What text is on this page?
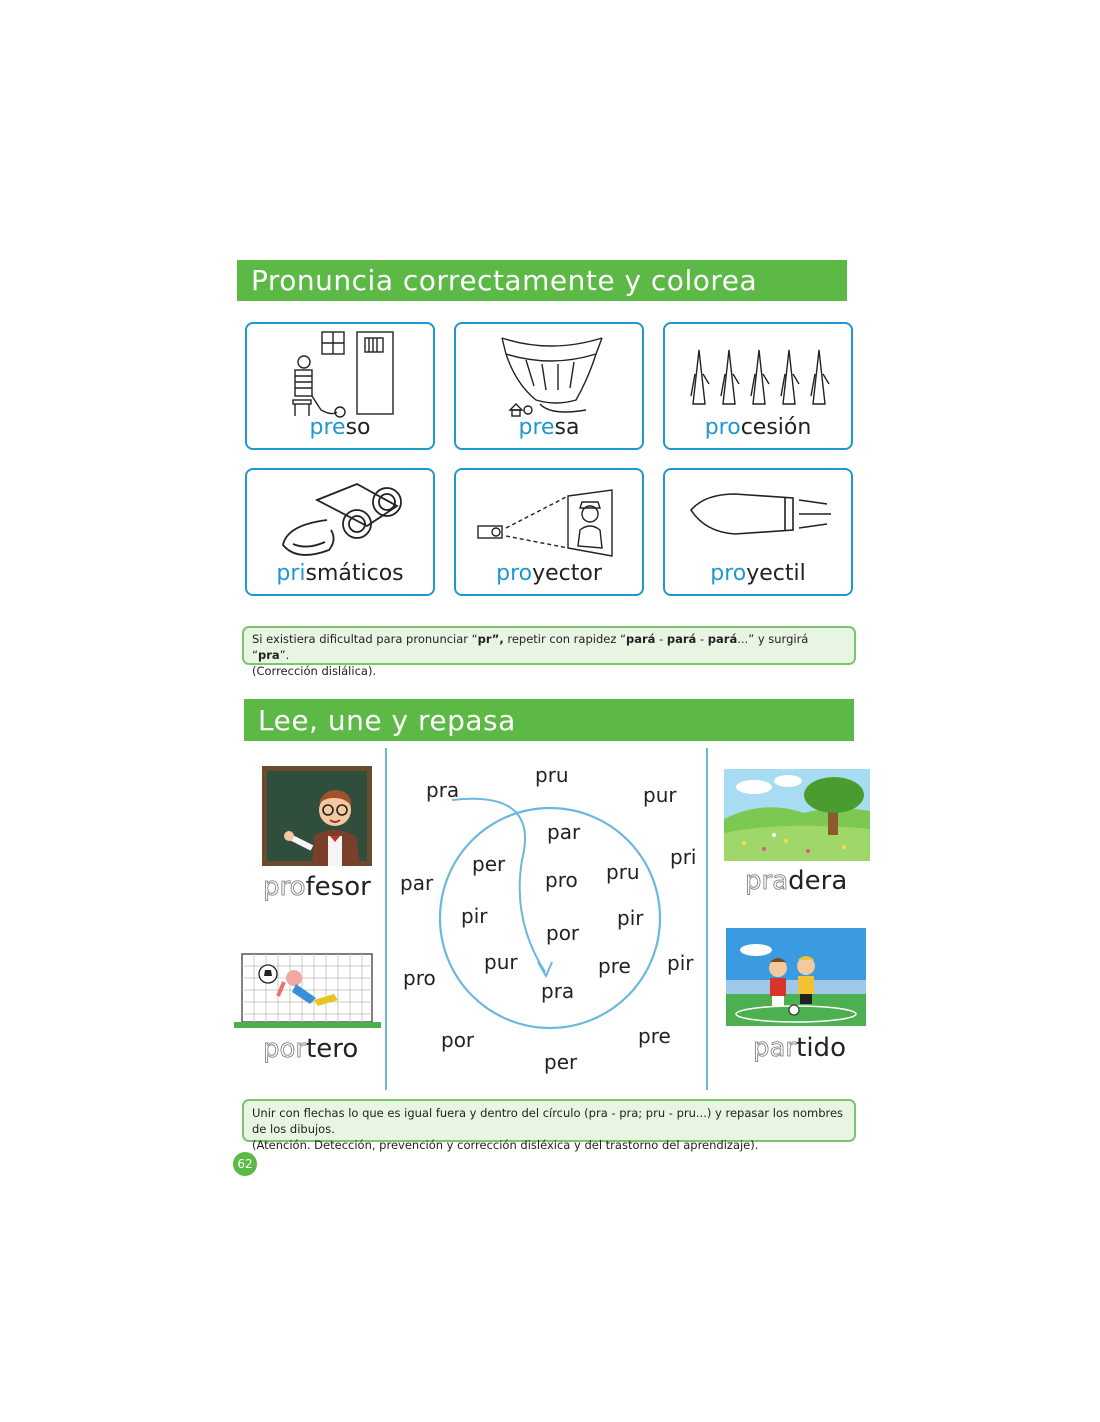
Pronuncia correctamente y colorea
preso	presa	procesión
prismáticos	proyector	proyectil
Si existiera dificultad para pronunciar “pr”, repetir con rapidez “pará - pará - pará...” y surgirá “pra”.
(Corrección dislálica).
Lee, une y repasa
profesor
portero
pradera
partido
pra
pru
pur
pri
par
pro
por
per
pre
pir
par
per
pro pru
pir
por
pir
pur	pre
pra
Unir con flechas lo que es igual fuera y dentro del círculo (pra - pra; pru - pru...) y repasar los nombres de los dibujos.
(Atención. Detección, prevención y corrección disléxica y del trastorno del aprendizaje).
62
